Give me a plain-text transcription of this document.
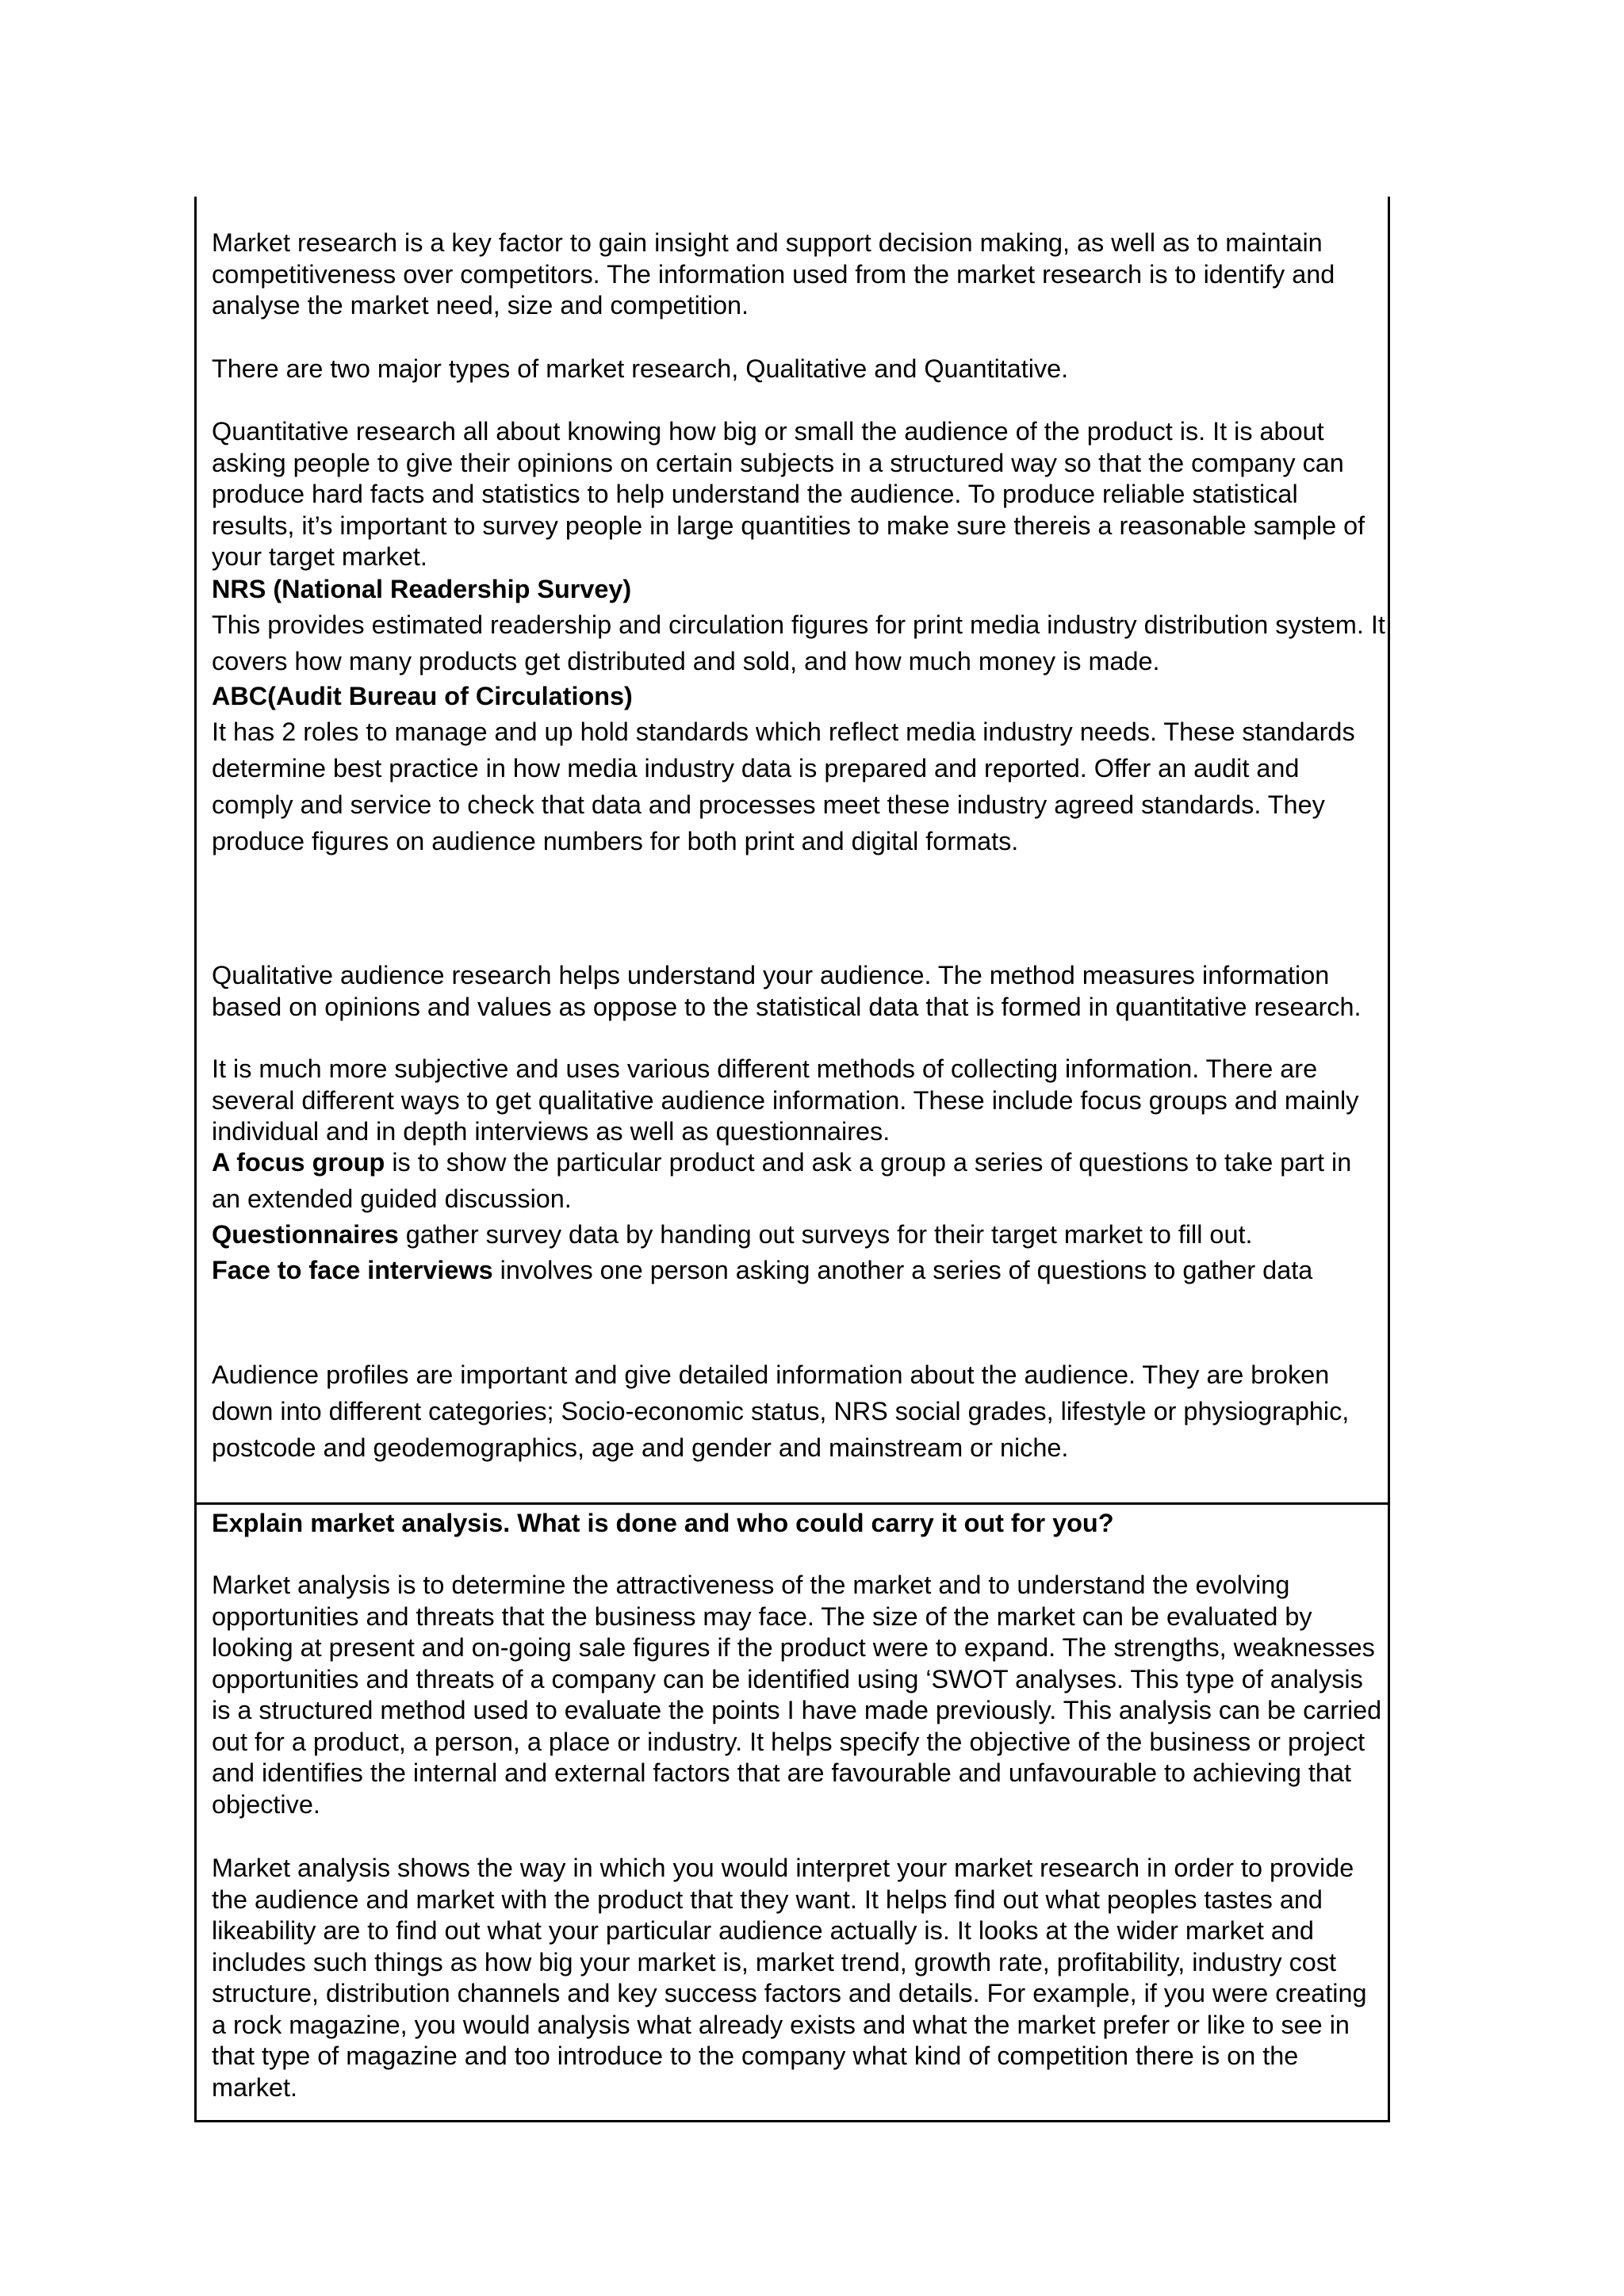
Market research is a key factor to gain insight and support decision making, as well as to maintain competitiveness over competitors. The information used from the market research is to identify and analyse the market need, size and competition.

There are two major types of market research, Qualitative and Quantitative.

Quantitative research all about knowing how big or small the audience of the product is. It is about asking people to give their opinions on certain subjects in a structured way so that the company can produce hard facts and statistics to help understand the audience. To produce reliable statistical results, it’s important to survey people in large quantities to make sure thereis a reasonable sample of your target market.

NRS (National Readership Survey)

This provides estimated readership and circulation figures for print media industry distribution system. It covers how many products get distributed and sold, and how much money is made.

ABC(Audit Bureau of Circulations)

It has 2 roles to manage and up hold standards which reflect media industry needs. These standards determine best practice in how media industry data is prepared and reported. Offer an audit and comply and service to check that data and processes meet these industry agreed standards. They produce figures on audience numbers for both print and digital formats.

Qualitative audience research helps understand your audience. The method measures information based on opinions and values as oppose to the statistical data that is formed in quantitative research.

It is much more subjective and uses various different methods of collecting information. There are several different ways to get qualitative audience information. These include focus groups and mainly individual and in depth interviews as well as questionnaires.

A focus group is to show the particular product and ask a group a series of questions to take part in an extended guided discussion.

Questionnaires gather survey data by handing out surveys for their target market to fill out.

Face to face interviews involves one person asking another a series of questions to gather data

Audience profiles are important and give detailed information about the audience. They are broken down into different categories; Socio-economic status, NRS social grades, lifestyle or physiographic, postcode and geodemographics, age and gender and mainstream or niche.

Explain market analysis. What is done and who could carry it out for you?

Market analysis is to determine the attractiveness of the market and to understand the evolving opportunities and threats that the business may face. The size of the market can be evaluated by looking at present and on-going sale figures if the product were to expand. The strengths, weaknesses opportunities and threats of a company can be identified using ‘SWOT analyses. This type of analysis is a structured method used to evaluate the points I have made previously. This analysis can be carried out for a product, a person, a place or industry. It helps specify the objective of the business or project and identifies the internal and external factors that are favourable and unfavourable to achieving that objective.

Market analysis shows the way in which you would interpret your market research in order to provide the audience and market with the product that they want. It helps find out what peoples tastes and likeability are to find out what your particular audience actually is. It looks at the wider market and includes such things as how big your market is, market trend, growth rate, profitability, industry cost structure, distribution channels and key success factors and details. For example, if you were creating a rock magazine, you would analysis what already exists and what the market prefer or like to see in that type of magazine and too introduce to the company what kind of competition there is on the market.
